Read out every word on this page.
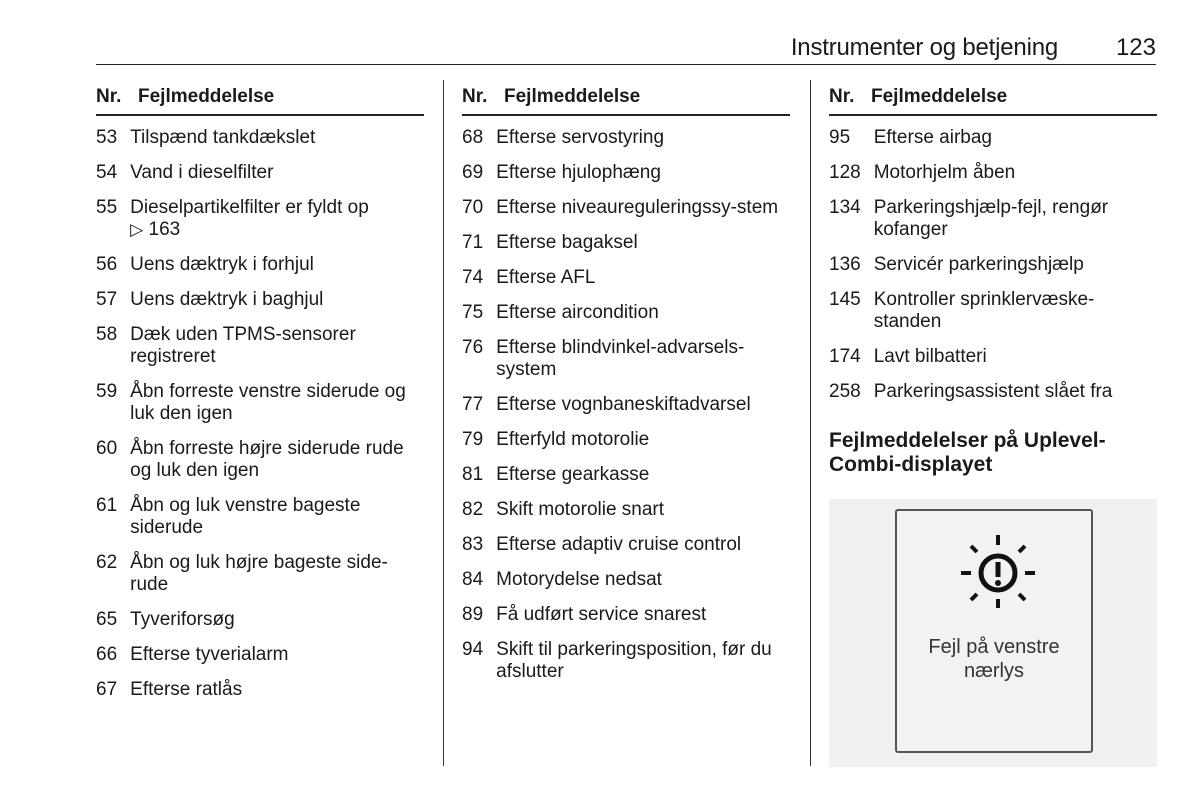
Instrumenter og betjening 123
Nr. Fejlmeddelelse
53	Tilspænd tankdækslet
54	Vand i dieselfilter
55	Dieselpartikelfilter er fyldt op
▷ 163
56	Uens dæktryk i forhjul
57	Uens dæktryk i baghjul
58	Dæk uden TPMS-sensorer registreret
59	Åbn forreste venstre siderude og luk den igen
60	Åbn forreste højre siderude rude og luk den igen
61	Åbn og luk venstre bageste siderude
62	Åbn og luk højre bageste side-rude
65	Tyveriforsøg
66	Efterse tyverialarm
67	Efterse ratlås
Nr. Fejlmeddelelse
68	Efterse servostyring
69	Efterse hjulophæng
70	Efterse niveaureguleringssy-stem
71	Efterse bagaksel
74	Efterse AFL
75	Efterse aircondition
76	Efterse blindvinkel-advarsels-system
77	Efterse vognbaneskiftadvarsel
79	Efterfyld motorolie
81	Efterse gearkasse
82	Skift motorolie snart
83	Efterse adaptiv cruise control
84	Motorydelse nedsat
89	Få udført service snarest
94	Skift til parkeringsposition, før du afslutter
Nr. Fejlmeddelelse
95	Efterse airbag
128	Motorhjelm åben
134	Parkeringshjælp-fejl, rengør kofanger
136	Servicér parkeringshjælp
145	Kontroller sprinklervæske-standen
174	Lavt bilbatteri
258	Parkeringsassistent slået fra
Fejlmeddelelser på Uplevel-Combi-displayet
Fejl på venstre
nærlys
